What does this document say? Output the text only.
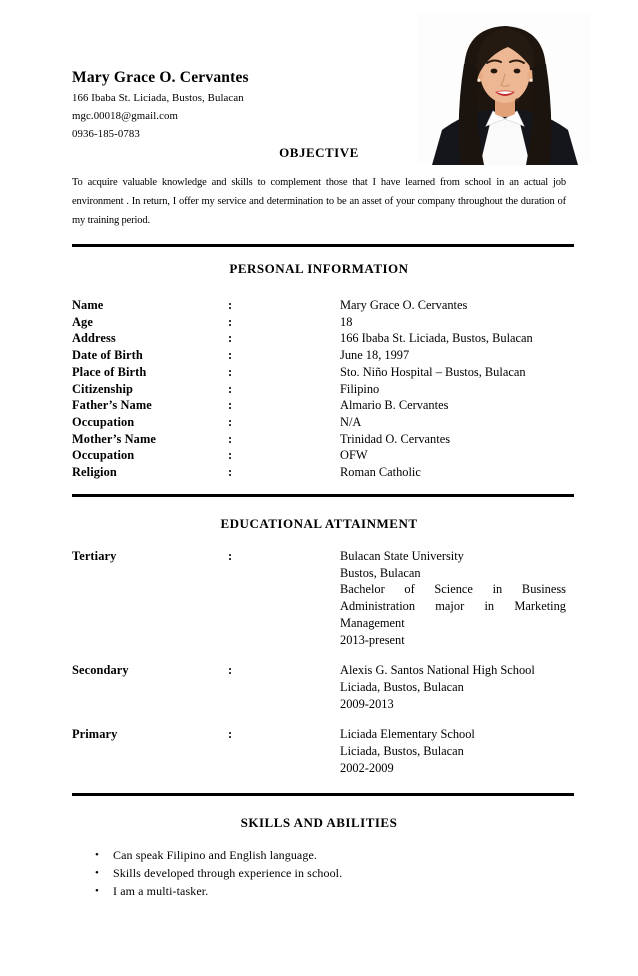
Mary Grace O. Cervantes
166 Ibaba St. Liciada, Bustos, Bulacan
mgc.00018@gmail.com
0936-185-0783
OBJECTIVE

To acquire valuable knowledge and skills to complement those that I have learned from school in an actual job environment . In return, I offer my service and determination to be an asset of your company throughout the duration of my training period.

PERSONAL INFORMATION
Name	:	Mary Grace O. Cervantes
Age	:	18
Address	:	166 Ibaba St. Liciada, Bustos, Bulacan
Date of Birth	:	June 18, 1997
Place of Birth	:	Sto. Niño Hospital – Bustos, Bulacan
Citizenship	:	Filipino
Father’s Name	:	Almario B. Cervantes
Occupation	:	N/A
Mother’s Name	:	Trinidad O. Cervantes
Occupation	:	OFW
Religion	:	Roman Catholic
EDUCATIONAL ATTAINMENT
Tertiary	:	Bulacan State University
Bustos, Bulacan
Bachelor of Science in Business Administration major in Marketing Management
2013-present
Secondary	:	Alexis G. Santos National High School
Liciada, Bustos, Bulacan
2009-2013
Primary	:	Liciada Elementary School
Liciada, Bustos, Bulacan
2002-2009
SKILLS AND ABILITIES
•	Can speak Filipino and English language.
•	Skills developed through experience in school.
•	I am a multi-tasker.
